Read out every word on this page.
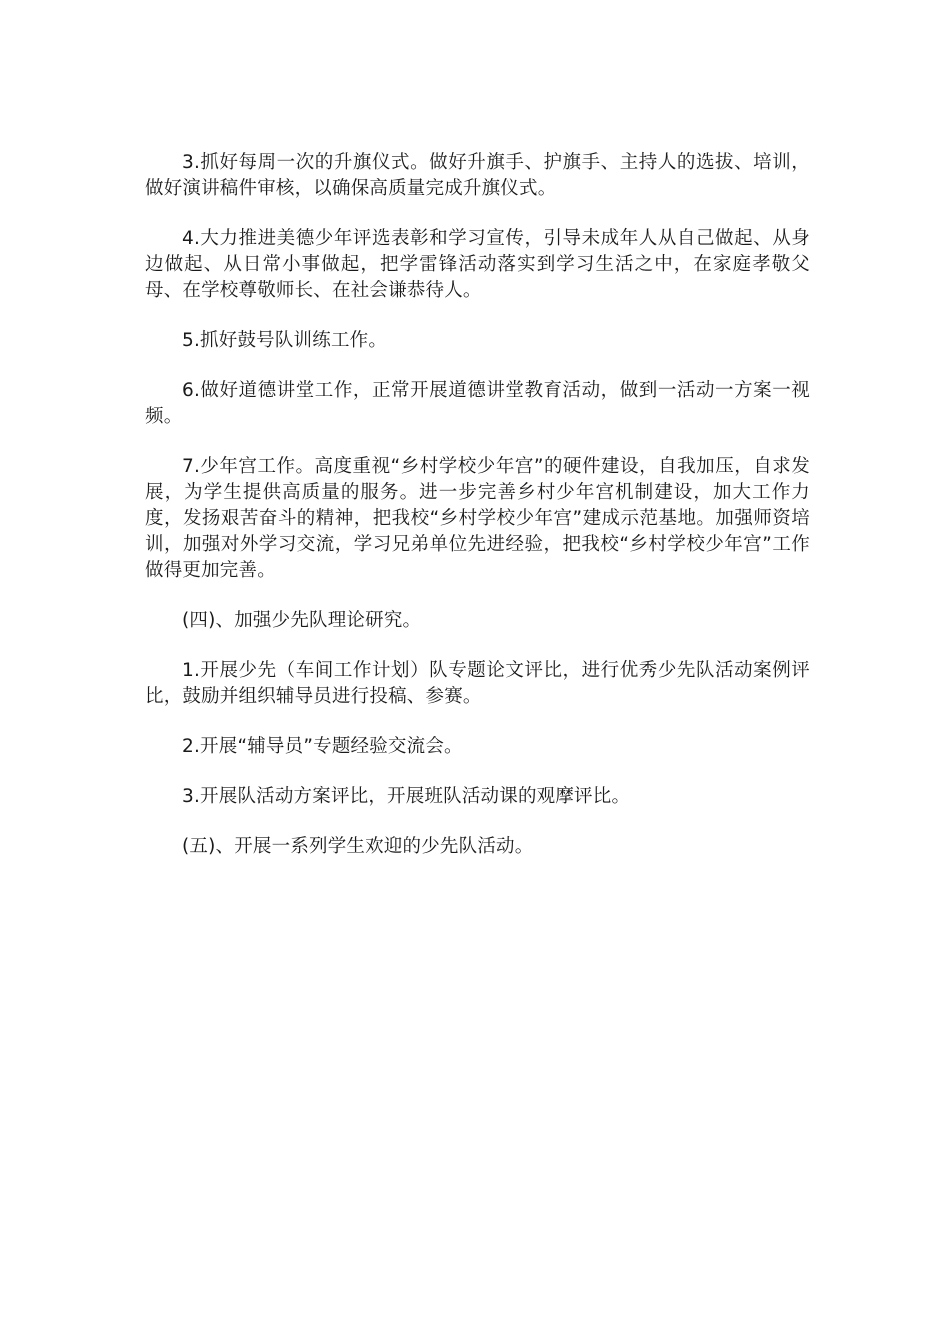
3.抓好每周一次的升旗仪式。做好升旗手、护旗手、主持人的选拔、培训，做好演讲稿件审核，以确保高质量完成升旗仪式。

4.大力推进美德少年评选表彰和学习宣传，引导未成年人从自己做起、从身边做起、从日常小事做起，把学雷锋活动落实到学习生活之中，在家庭孝敬父母、在学校尊敬师长、在社会谦恭待人。

5.抓好鼓号队训练工作。

6.做好道德讲堂工作，正常开展道德讲堂教育活动，做到一活动一方案一视频。

7.少年宫工作。高度重视“乡村学校少年宫”的硬件建设，自我加压，自求发展，为学生提供高质量的服务。进一步完善乡村少年宫机制建设，加大工作力度，发扬艰苦奋斗的精神，把我校“乡村学校少年宫”建成示范基地。加强师资培训，加强对外学习交流，学习兄弟单位先进经验，把我校“乡村学校少年宫”工作做得更加完善。

(四)、加强少先队理论研究。

1.开展少先（车间工作计划）队专题论文评比，进行优秀少先队活动案例评比，鼓励并组织辅导员进行投稿、参赛。

2.开展“辅导员”专题经验交流会。

3.开展队活动方案评比，开展班队活动课的观摩评比。

(五)、开展一系列学生欢迎的少先队活动。
